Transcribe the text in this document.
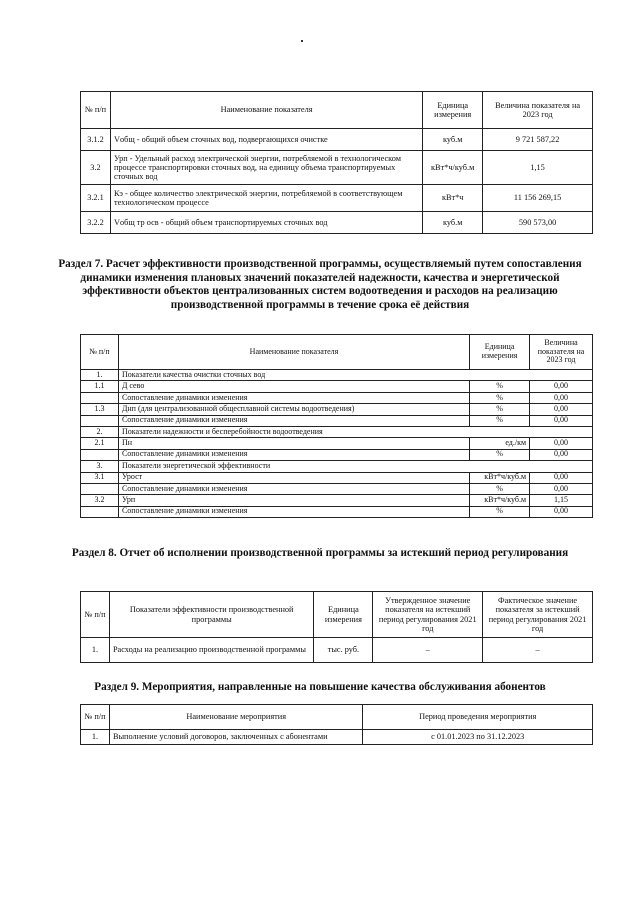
№ п/п	Наименование показателя	Единица измерения	Величина показателя на 2023 год
3.1.2	Vобщ - общий объем сточных вод, подвергающихся очистке	куб.м	9 721 587,22
3.2	Урп - Удельный расход электрической энергии, потребляемой в технологическом процессе транспортировки сточных вод, на единицу объема транспортируемых сточных вод	кВт*ч/куб.м	1,15
3.2.1	Кэ - общее количество электрической энергии, потребляемой в соответствующем технологическом процессе	кВт*ч	11 156 269,15
3.2.2	Vобщ тр осв - общий объем транспортируемых сточных вод	куб.м	590 573,00

Раздел 7. Расчет эффективности производственной программы, осуществляемый путем сопоставления динамики изменения плановых значений показателей надежности, качества и энергетической эффективности объектов централизованных систем водоотведения и расходов на реализацию производственной программы в течение срока её действия

№ п/п	Наименование показателя	Единица измерения	Величина показателя на 2023 год
1.	Показатели качества очистки сточных вод		
1.1	Д сево	%	0,00
	Сопоставление динамики изменения	%	0,00
1.3	Днп (для централизованной общесплавной системы водоотведения)	%	0,00
	Сопоставление динамики изменения	%	0,00
2.	Показатели надежности и бесперебойности водоотведения		
2.1	Пн	ед./км	0,00
	Сопоставление динамики изменения	%	0,00
3.	Показатели энергетической эффективности		
3.1	Урост	кВт*ч/куб.м	0,00
	Сопоставление динамики изменения	%	0,00
3.2	Урп	кВт*ч/куб.м	1,15
	Сопоставление динамики изменения	%	0,00

Раздел 8. Отчет об исполнении производственной программы за истекший период регулирования

№ п/п	Показатели эффективности производственной программы	Единица измерения	Утвержденное значение показателя на истекший период регулирования 2021 год	Фактическое значение показателя за истекший период регулирования 2021 год
1.	Расходы на реализацию производственной программы	тыс. руб.	–	–

Раздел 9. Мероприятия, направленные на повышение качества обслуживания абонентов

№ п/п	Наименование мероприятия	Период проведения мероприятия
1.	Выполнение условий договоров, заключенных с абонентами	с 01.01.2023 по 31.12.2023
